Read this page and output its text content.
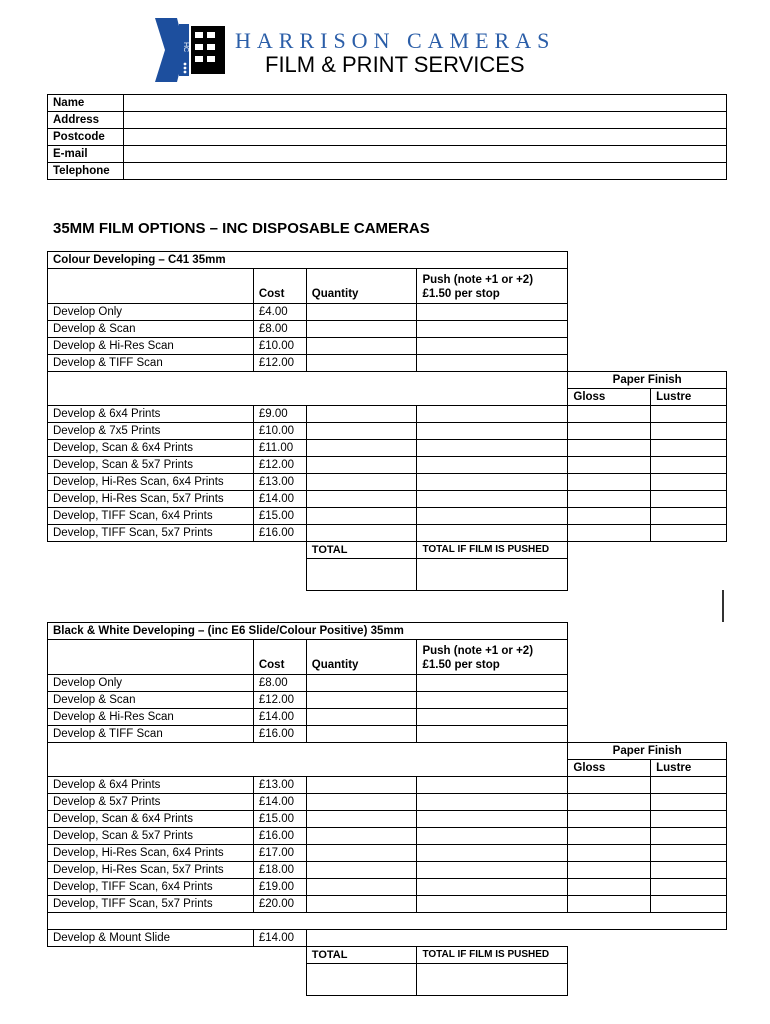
HC HARRISON CAMERAS
FILM & PRINT SERVICES
Name	
Address	
Postcode	
E-mail	
Telephone	
35MM FILM OPTIONS – INC DISPOSABLE CAMERAS
Colour Developing – C41 35mm					
	Cost	Quantity	Push (note +1 or +2) £1.50 per stop		
Develop Only	£4.00				
Develop & Scan	£8.00				
Develop & Hi-Res Scan	£10.00				
Develop & TIFF Scan	£12.00				
				Paper Finish	
				Gloss	Lustre
Develop & 6x4 Prints	£9.00				
Develop & 7x5 Prints	£10.00				
Develop, Scan & 6x4 Prints	£11.00				
Develop, Scan & 5x7 Prints	£12.00				
Develop, Hi-Res Scan, 6x4 Prints	£13.00				
Develop, Hi-Res Scan, 5x7 Prints	£14.00				
Develop, TIFF Scan, 6x4 Prints	£15.00				
Develop, TIFF Scan, 5x7 Prints	£16.00				
		TOTAL	TOTAL IF FILM IS PUSHED		

Black & White Developing – (inc E6 Slide/Colour Positive) 35mm					
	Cost	Quantity	Push (note +1 or +2) £1.50 per stop		
Develop Only	£8.00				
Develop & Scan	£12.00				
Develop & Hi-Res Scan	£14.00				
Develop & TIFF Scan	£16.00				
				Paper Finish	
				Gloss	Lustre
Develop & 6x4 Prints	£13.00				
Develop & 5x7 Prints	£14.00				
Develop, Scan & 6x4 Prints	£15.00				
Develop, Scan & 5x7 Prints	£16.00				
Develop, Hi-Res Scan, 6x4 Prints	£17.00				
Develop, Hi-Res Scan, 5x7 Prints	£18.00				
Develop, TIFF Scan, 6x4 Prints	£19.00				
Develop, TIFF Scan, 5x7 Prints	£20.00				

Develop & Mount Slide	£14.00				
		TOTAL	TOTAL IF FILM IS PUSHED		
